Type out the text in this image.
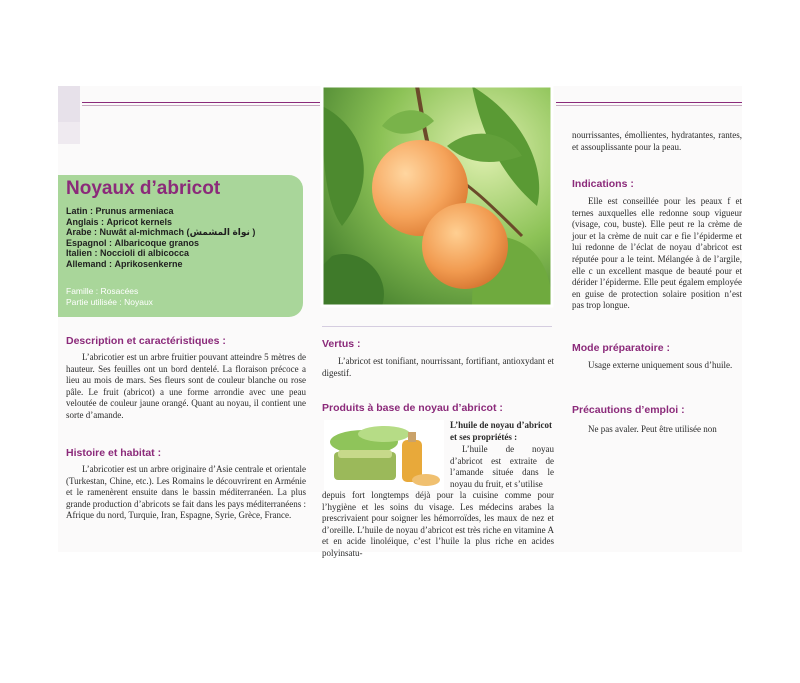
Noyaux d’abricot
Latin : Prunus armeniaca
Anglais : Apricot kernels
Arabe : Nuwât al-michmach (نواة المشمش )
Espagnol : Albaricoque granos
Italien : Noccioli di albicocca
Allemand : Aprikosenkerne
Famille : Rosacées
Partie utilisée : Noyaux
Description et caractéristiques :
L’abricotier est un arbre fruitier pouvant atteindre 5 mètres de hauteur. Ses feuilles ont un bord dentelé. La floraison précoce a lieu au mois de mars. Ses fleurs sont de couleur blanche ou rose pâle. Le fruit (abricot) a une forme arrondie avec une peau veloutée de couleur jaune orangé. Quant au noyau, il contient une sorte d’amande.
Histoire et habitat :
L’abricotier est un arbre originaire d’Asie centrale et orientale (Turkestan, Chine, etc.). Les Romains le découvrirent en Arménie et le ramenèrent ensuite dans le bassin méditerranéen. La plus grande production d’abricots se fait dans les pays méditerranéens : Afrique du nord, Turquie, Iran, Espagne, Syrie, Grèce, France.
Vertus :
L’abricot est tonifiant, nourrissant, fortifiant, antioxydant et digestif.
Produits à base de noyau d’abricot :
L’huile de noyau d’abricot et ses propriétés :
L’huile de noyau d’abricot est extraite de l’amande située dans le noyau du fruit, et s’utilise
depuis fort longtemps déjà pour la cuisine comme pour l’hygiène et les soins du visage. Les médecins arabes la prescrivaient pour soigner les hémorroïdes, les maux de nez et d’oreille. L’huile de noyau d’abricot est très riche en vitamine A et en acide linoléique, c’est l’huile la plus riche en acides polyinsatu-
nourrissantes, émollientes, hydratantes, rantes, et assouplissante pour la peau.
Indications :
Elle est conseillée pour les peaux f et ternes auxquelles elle redonne soup vigueur (visage, cou, buste). Elle peut re la crème de jour et la crème de nuit car e fie l’épiderme et lui redonne de l’éclat de noyau d’abricot est réputée pour a le teint. Mélangée à de l’argile, elle c un excellent masque de beauté pour et dérider l’épiderme. Elle peut égalem employée en guise de protection solaire position n’est pas trop longue.
Mode préparatoire :
Usage externe uniquement sous d’huile.
Précautions d’emploi :
Ne pas avaler. Peut être utilisée non
